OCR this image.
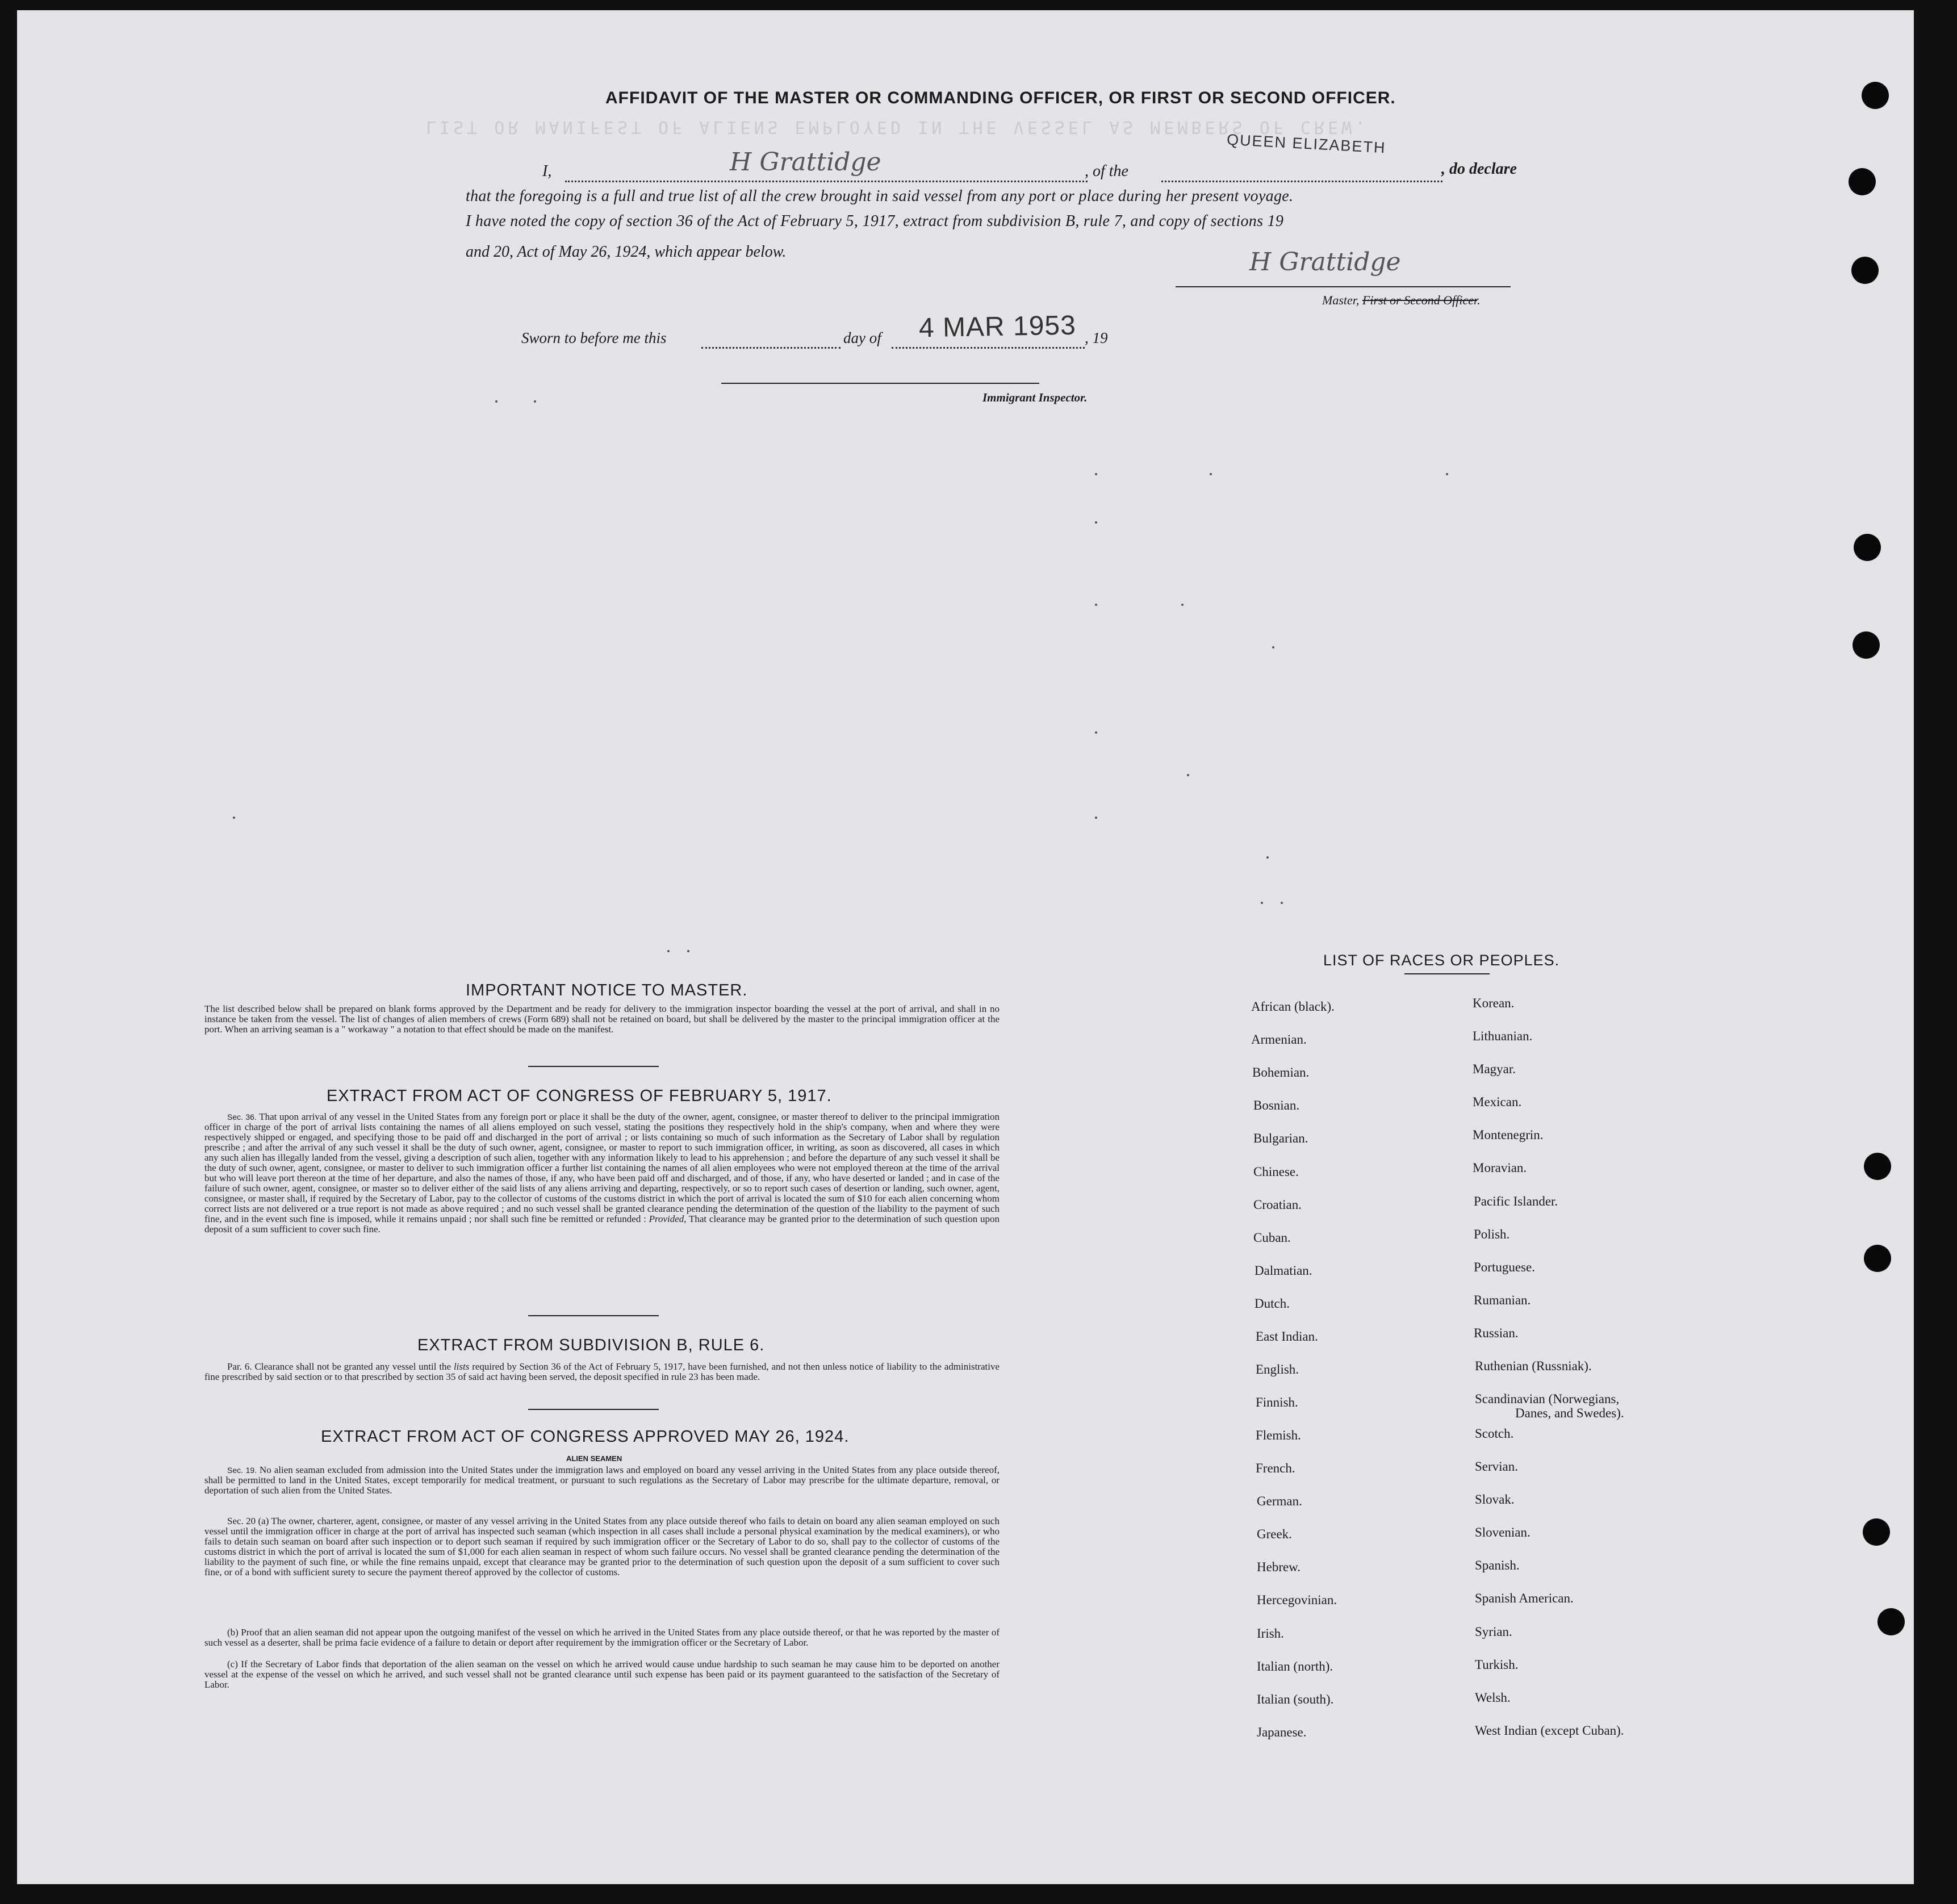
LIST OR MANIFEST OF ALIENS EMPLOYED IN THE VESSEL AS MEMBERS OF CREW.
AFFIDAVIT OF THE MASTER OR COMMANDING OFFICER, OR FIRST OR SECOND OFFICER.
I,	H Grattidge	, of the
QUEEN ELIZABETH
, do declare
that the foregoing is a full and true list of all the crew brought in said vessel from any port or place during her present voyage.
I have noted the copy of section 36 of the Act of February 5, 1917, extract from subdivision B, rule 7, and copy of sections 19
and 20, Act of May 26, 1924, which appear below.	H Grattidge
Master, First or Second Officer.
Sworn to before me this	day of 4 MAR 1953 , 19
Immigrant Inspector.
IMPORTANT NOTICE TO MASTER.
The list described below shall be prepared on blank forms approved by the Department and be ready for delivery to the immigration inspector boarding the vessel at the port of arrival, and shall in no instance be taken from the vessel. The list of changes of alien members of crews (Form 689) shall not be retained on board, but shall be delivered by the master to the principal immigration officer at the port. When an arriving seaman is a " workaway " a notation to that effect should be made on the manifest.
EXTRACT FROM ACT OF CONGRESS OF FEBRUARY 5, 1917.
Sec. 36. That upon arrival of any vessel in the United States from any foreign port or place it shall be the duty of the owner, agent, consignee, or master thereof to deliver to the principal immigration officer in charge of the port of arrival lists containing the names of all aliens employed on such vessel, stating the positions they respectively hold in the ship's company, when and where they were respectively shipped or engaged, and specifying those to be paid off and discharged in the port of arrival ; or lists containing so much of such information as the Secretary of Labor shall by regulation prescribe ; and after the arrival of any such vessel it shall be the duty of such owner, agent, consignee, or master to report to such immigration officer, in writing, as soon as discovered, all cases in which any such alien has illegally landed from the vessel, giving a description of such alien, together with any information likely to lead to his apprehension ; and before the departure of any such vessel it shall be the duty of such owner, agent, consignee, or master to deliver to such immigration officer a further list containing the names of all alien employees who were not employed thereon at the time of the arrival but who will leave port thereon at the time of her departure, and also the names of those, if any, who have been paid off and discharged, and of those, if any, who have deserted or landed ; and in case of the failure of such owner, agent, consignee, or master so to deliver either of the said lists of any aliens arriving and departing, respectively, or so to report such cases of desertion or landing, such owner, agent, consignee, or master shall, if required by the Secretary of Labor, pay to the collector of customs of the customs district in which the port of arrival is located the sum of $10 for each alien concerning whom correct lists are not delivered or a true report is not made as above required ; and no such vessel shall be granted clearance pending the determination of the question of the liability to the payment of such fine, and in the event such fine is imposed, while it remains unpaid ; nor shall such fine be remitted or refunded : Provided, That clearance may be granted prior to the determination of such question upon deposit of a sum sufficient to cover such fine.
EXTRACT FROM SUBDIVISION B, RULE 6.
Par. 6. Clearance shall not be granted any vessel until the lists required by Section 36 of the Act of February 5, 1917, have been furnished, and not then unless notice of liability to the administrative fine prescribed by said section or to that prescribed by section 35 of said act having been served, the deposit specified in rule 23 has been made.
EXTRACT FROM ACT OF CONGRESS APPROVED MAY 26, 1924.
ALIEN SEAMEN
Sec. 19. No alien seaman excluded from admission into the United States under the immigration laws and employed on board any vessel arriving in the United States from any place outside thereof, shall be permitted to land in the United States, except temporarily for medical treatment, or pursuant to such regulations as the Secretary of Labor may prescribe for the ultimate departure, removal, or deportation of such alien from the United States.
Sec. 20 (a) The owner, charterer, agent, consignee, or master of any vessel arriving in the United States from any place outside thereof who fails to detain on board any alien seaman employed on such vessel until the immigration officer in charge at the port of arrival has inspected such seaman (which inspection in all cases shall include a personal physical examination by the medical examiners), or who fails to detain such seaman on board after such inspection or to deport such seaman if required by such immigration officer or the Secretary of Labor to do so, shall pay to the collector of customs of the customs district in which the port of arrival is located the sum of $1,000 for each alien seaman in respect of whom such failure occurs. No vessel shall be granted clearance pending the determination of the liability to the payment of such fine, or while the fine remains unpaid, except that clearance may be granted prior to the determination of such question upon the deposit of a sum sufficient to cover such fine, or of a bond with sufficient surety to secure the payment thereof approved by the collector of customs.
(b) Proof that an alien seaman did not appear upon the outgoing manifest of the vessel on which he arrived in the United States from any place outside thereof, or that he was reported by the master of such vessel as a deserter, shall be prima facie evidence of a failure to detain or deport after requirement by the immigration officer or the Secretary of Labor.
(c) If the Secretary of Labor finds that deportation of the alien seaman on the vessel on which he arrived would cause undue hardship to such seaman he may cause him to be deported on another vessel at the expense of the vessel on which he arrived, and such vessel shall not be granted clearance until such expense has been paid or its payment guaranteed to the satisfaction of the Secretary of Labor.
LIST OF RACES OR PEOPLES.
African (black).
Armenian.
Bohemian.
Bosnian.
Bulgarian.
Chinese.
Croatian.
Cuban.
Dalmatian.
Dutch.
East Indian.
English.
Finnish.
Flemish.
French.
German.
Greek.
Hebrew.
Hercegovinian.
Irish.
Italian (north).
Italian (south).
Japanese.
Korean.
Lithuanian.
Magyar.
Mexican.
Montenegrin.
Moravian.
Pacific Islander.
Polish.
Portuguese.
Rumanian.
Russian.
Ruthenian (Russniak).
Scandinavian (Norwegians,
Danes, and Swedes).
Scotch.
Servian.
Slovak.
Slovenian.
Spanish.
Spanish American.
Syrian.
Turkish.
Welsh.
West Indian (except Cuban).
